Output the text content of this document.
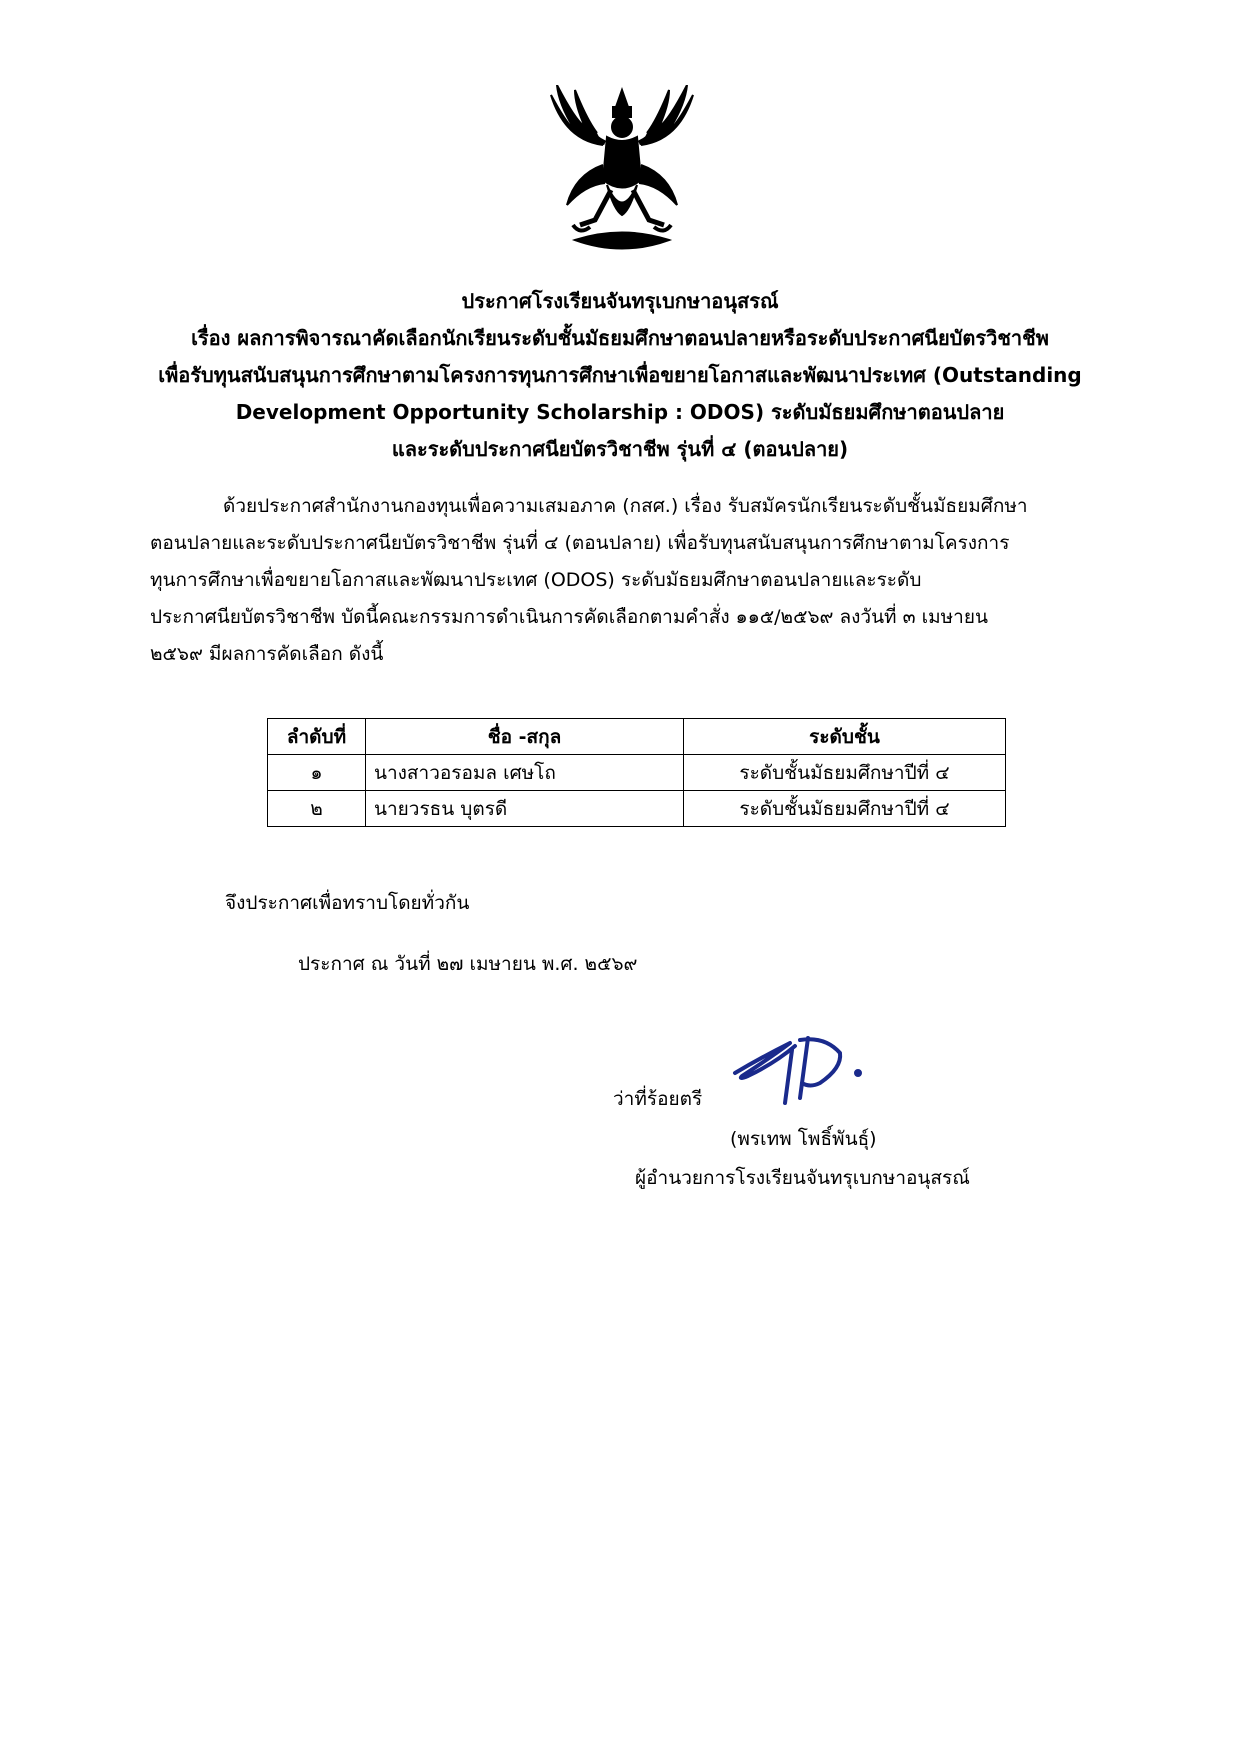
ประกาศโรงเรียนจันทรุเบกษาอนุสรณ์
เรื่อง ผลการพิจารณาคัดเลือกนักเรียนระดับชั้นมัธยมศึกษาตอนปลายหรือระดับประกาศนียบัตรวิชาชีพ
เพื่อรับทุนสนับสนุนการศึกษาตามโครงการทุนการศึกษาเพื่อขยายโอกาสและพัฒนาประเทศ (Outstanding
Development Opportunity Scholarship : ODOS) ระดับมัธยมศึกษาตอนปลาย
และระดับประกาศนียบัตรวิชาชีพ รุ่นที่ ๔ (ตอนปลาย)
ด้วยประกาศสำนักงานกองทุนเพื่อความเสมอภาค (กสศ.) เรื่อง รับสมัครนักเรียนระดับชั้นมัธยมศึกษา
ตอนปลายและระดับประกาศนียบัตรวิชาชีพ รุ่นที่ ๔ (ตอนปลาย) เพื่อรับทุนสนับสนุนการศึกษาตามโครงการ
ทุนการศึกษาเพื่อขยายโอกาสและพัฒนาประเทศ (ODOS) ระดับมัธยมศึกษาตอนปลายและระดับ
ประกาศนียบัตรวิชาชีพ บัดนี้คณะกรรมการดำเนินการคัดเลือกตามคำสั่ง ๑๑๕/๒๕๖๙ ลงวันที่ ๓ เมษายน
๒๕๖๙ มีผลการคัดเลือก ดังนี้
ลำดับที่	ชื่อ -สกุล	ระดับชั้น
๑	นางสาวอรอมล เศษโถ	ระดับชั้นมัธยมศึกษาปีที่ ๔
๒	นายวรธน บุตรดี	ระดับชั้นมัธยมศึกษาปีที่ ๔
จึงประกาศเพื่อทราบโดยทั่วกัน
ประกาศ ณ วันที่ ๒๗ เมษายน พ.ศ. ๒๕๖๙
ว่าที่ร้อยตรี
(พรเทพ โพธิ์พันธุ์)
ผู้อำนวยการโรงเรียนจันทรุเบกษาอนุสรณ์
